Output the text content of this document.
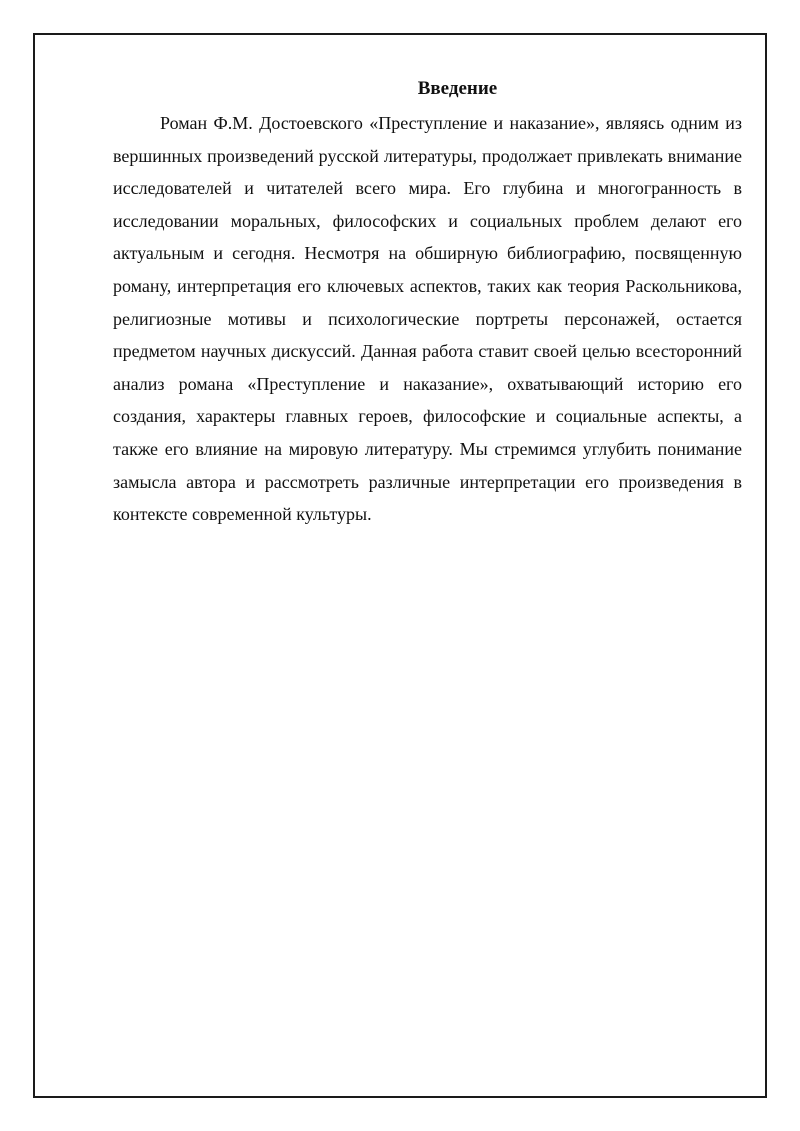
Введение

Роман Ф.М. Достоевского «Преступление и наказание», являясь одним из вершинных произведений русской литературы, продолжает привлекать внимание исследователей и читателей всего мира. Его глубина и многогранность в исследовании моральных, философских и социальных проблем делают его актуальным и сегодня. Несмотря на обширную библиографию, посвященную роману, интерпретация его ключевых аспектов, таких как теория Раскольникова, религиозные мотивы и психологические портреты персонажей, остается предметом научных дискуссий. Данная работа ставит своей целью всесторонний анализ романа «Преступление и наказание», охватывающий историю его создания, характеры главных героев, философские и социальные аспекты, а также его влияние на мировую литературу. Мы стремимся углубить понимание замысла автора и рассмотреть различные интерпретации его произведения в контексте современной культуры.
